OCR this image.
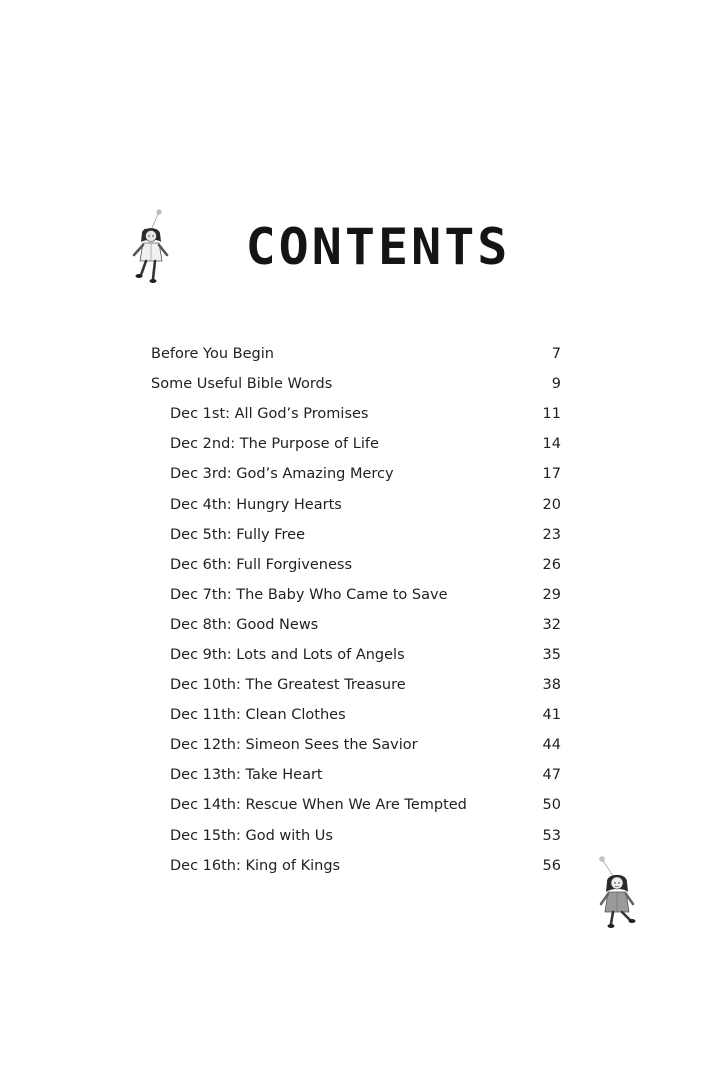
CONTENTS
Before You Begin	7
Some Useful Bible Words	9
Dec 1st: All God’s Promises	11
Dec 2nd: The Purpose of Life	14
Dec 3rd: God’s Amazing Mercy	17
Dec 4th: Hungry Hearts	20
Dec 5th: Fully Free	23
Dec 6th: Full Forgiveness	26
Dec 7th: The Baby Who Came to Save	29
Dec 8th: Good News	32
Dec 9th: Lots and Lots of Angels	35
Dec 10th: The Greatest Treasure	38
Dec 11th: Clean Clothes	41
Dec 12th: Simeon Sees the Savior	44
Dec 13th: Take Heart	47
Dec 14th: Rescue When We Are Tempted	50
Dec 15th: God with Us	53
Dec 16th: King of Kings	56
